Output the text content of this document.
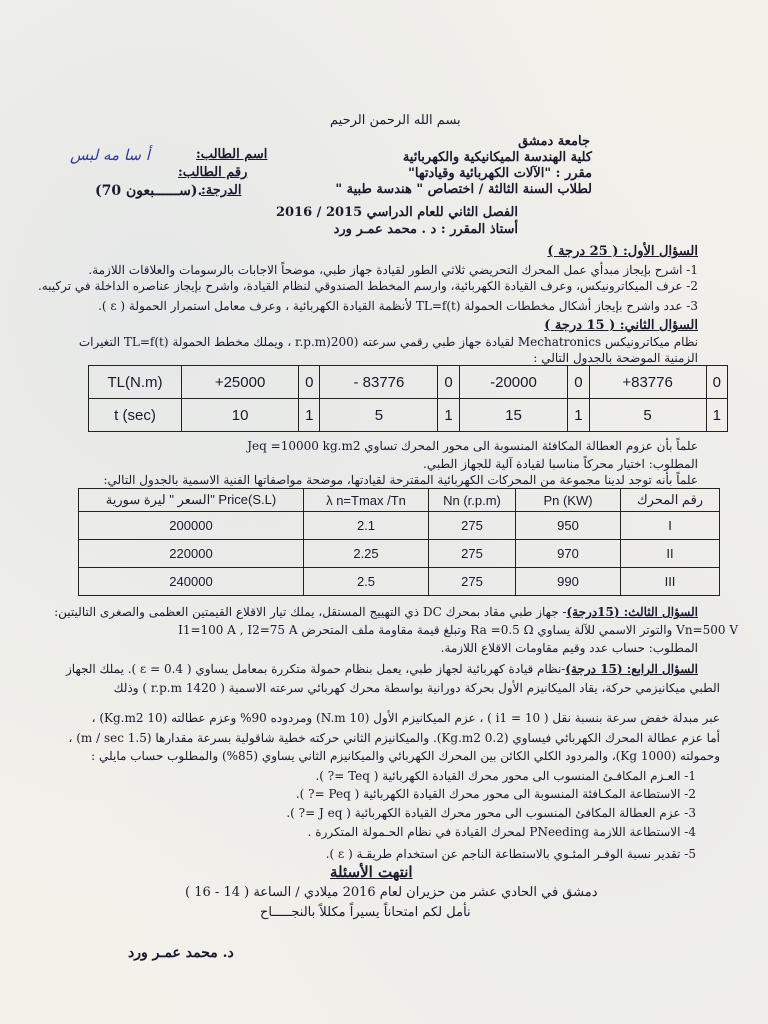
بسم الله الرحمن الرحيم
جامعة دمشق
كلية الهندسة الميكانيكية والكهربائية
مقرر : "الآلات الكهربائية وقيادتها"
لطلاب السنة الثالثة / اختصاص " هندسة طبية "
الفصل الثاني للعام الدراسي 2015 / 2016
أستاذ المقرر : د . محمد عمـر ورد
اسم الطالب:
أ سا مه لبس
رقم الطالب:
الدرجة:
(70 ســــــبعون).
السؤال الأول: ( 25 درجة )
1- اشرح بإيجاز مبدأي عمل المحرك التحريضي ثلاثي الطور لقيادة جهاز طبي، موضحاً الاجابات بالرسومات والعلاقات اللازمة.
2- عرف الميكاترونيكس، وعرف القيادة الكهربائية، وارسم المخطط الصندوقي لنظام القيادة، واشرح بإيجاز عناصره الداخلة في تركيبه.
3- عدد واشرح بإيجاز أشكال مخططات الحمولة TL=f(t) لأنظمة القيادة الكهربائية ، وعرف معامل استمرار الحمولة ( ε ).
السؤال الثاني: ( 15 درجة )
نظام ميكاترونيكس Mechatronics لقيادة جهاز طبي رقمي سرعته (200(r.p.m ، ويملك مخطط الحمولة TL=f(t) التغيرات
الزمنية الموضحة بالجدول التالي :
TL(N.m)	+25000	0	- 83776	0	-20000	0	+83776	0
t (sec)	10	1	5	1	15	1	5	1
علماً بأن عزوم العطالة المكافئة المنسوبة الى محور المحرك تساوي Jeq =10000 kg.m2
المطلوب: اختيار محركاً مناسبا لقيادة آلية للجهاز الطبي.
علماً بأنه توجد لدينا مجموعة من المحركات الكهربائية المقترحة لقيادتها، موضحة مواصفاتها الفنية الاسمية بالجدول التالي:
السعر " ليرة سورية" Price(S.L)	λ n=Tmax /Tn	Nn (r.p.m)	Pn (KW)	رقم المحرك
200000	2.1	275	950	I
220000	2.25	275	970	II
240000	2.5	275	990	III
السؤال الثالث: (15درجة)- جهاز طبي مقاد بمحرك DC ذي التهييج المستقل، يملك تيار الاقلاع القيمتين العظمى والصغرى التاليتين:
I1=100 A , I2=75 A وتبلغ قيمة مقاومة ملف المتحرض Ra =0.5 Ω والتوتر الاسمي للآلة يساوي Vn=500 V
المطلوب: حساب عدد وقيم مقاومات الاقلاع اللازمة.
السؤال الرابع: (15 درجة)-نظام قيادة كهربائية لجهاز طبي، يعمل بنظام حمولة متكررة بمعامل يساوي ( ε = 0.4 ). يملك الجهاز
الطبي ميكانيزمي حركة، يقاد الميكانيزم الأول بحركة دورانية بواسطة محرك كهربائي سرعته الاسمية ( 1420 r.p.m ) وذلك
عبر مبدلة خفض سرعة بنسبة نقل ( i1 = 10 ) ، عزم الميكانيزم الأول (10 N.m) ومردوده 90% وعزم عطالته (10 Kg.m2) ،
أما عزم عطالة المحرك الكهربائي فيساوي (0.2 Kg.m2). والميكانيزم الثاني حركته خطية شاقولية بسرعة مقدارها (1.5 m / sec) ،
وحمولته (1000 Kg)، والمردود الكلي الكائن بين المحرك الكهربائي والميكانيزم الثاني يساوي (85%) والمطلوب حساب مايلي :
1- العـزم المكافـئ المنسوب الى محور محرك القيادة الكهربائية ( Teq =? ).
2- الاستطاعة المكـافئة المنسوبة الى محور محرك القيادة الكهربائية ( Peq =? ).
3- عزم العطالة المكافئ المنسوب الى محور محرك القيادة الكهربائية ( J eq =? ).
4- الاستطاعة اللازمة PNeeding لمحرك القيادة في نظام الحـمولة المتكررة .
5- تقدير نسبة الوفـر المئـوي بالاستطاعة الناجم عن استخدام طريقـة ( ε ).
انتهت الأسئلة
دمشق في الحادي عشر من حزيران لعام 2016 ميلادي / الساعة ( 14 - 16 )
نأمل لكم امتحاناً يسيراً مكللاً بالنجـــــاح
د. محمد عمـر ورد
